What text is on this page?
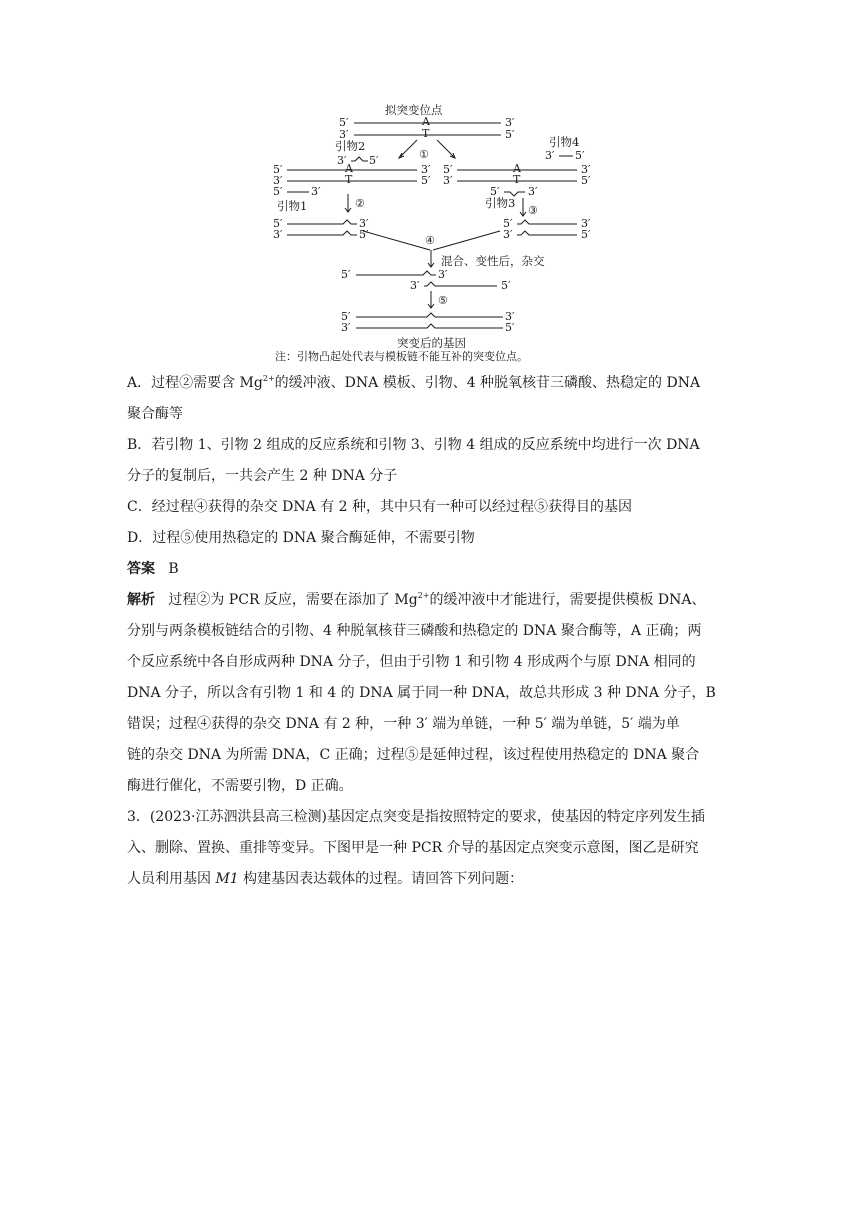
拟突变位点
5′	A	3′
3′	T	5′
①
引物2
3′ 5′
5′	A	3′
3′	T	5′
5′	3′
引物1	②
5′	3′
3′	5′
引物4
3′ 5′
5′	A	3′
3′	T	5′
5′	3′
引物3
③
5′	3′
3′	5′
④
混合、变性后，杂交
5′	3′
3′	5′
⑤
5′	3′
3′	5′
突变后的基因
注：引物凸起处代表与模板链不能互补的突变位点。
A．过程②需要含 $Mg^{2+}$的缓冲液、DNA 模板、引物、4 种脱氧核苷三磷酸、热稳定的 DNA
聚合酶等
B．若引物 1、引物 2 组成的反应系统和引物 3、引物 4 组成的反应系统中均进行一次 DNA
分子的复制后，一共会产生 2 种 DNA 分子
C．经过程④获得的杂交 DNA 有 2 种，其中只有一种可以经过程⑤获得目的基因
D．过程⑤使用热稳定的 DNA 聚合酶延伸，不需要引物
答案 B
解析 过程②为 PCR 反应，需要在添加了 $Mg^{2+}$的缓冲液中才能进行，需要提供模板 DNA、
分别与两条模板链结合的引物、4 种脱氧核苷三磷酸和热稳定的 DNA 聚合酶等，A 正确；两
个反应系统中各自形成两种 DNA 分子，但由于引物 1 和引物 4 形成两个与原 DNA 相同的
DNA 分子，所以含有引物 1 和 4 的 DNA 属于同一种 DNA，故总共形成 3 种 DNA 分子，B
错误；过程④获得的杂交 DNA 有 2 种，一种 3′ 端为单链，一种 5′ 端为单链，5′ 端为单
链的杂交 DNA 为所需 DNA，C 正确；过程⑤是延伸过程，该过程使用热稳定的 DNA 聚合
酶进行催化，不需要引物，D 正确。
3．(2023·江苏泗洪县高三检测)基因定点突变是指按照特定的要求，使基因的特定序列发生插
入、删除、置换、重排等变异。下图甲是一种 PCR 介导的基因定点突变示意图，图乙是研究
人员利用基因 M1 构建基因表达载体的过程。请回答下列问题：
